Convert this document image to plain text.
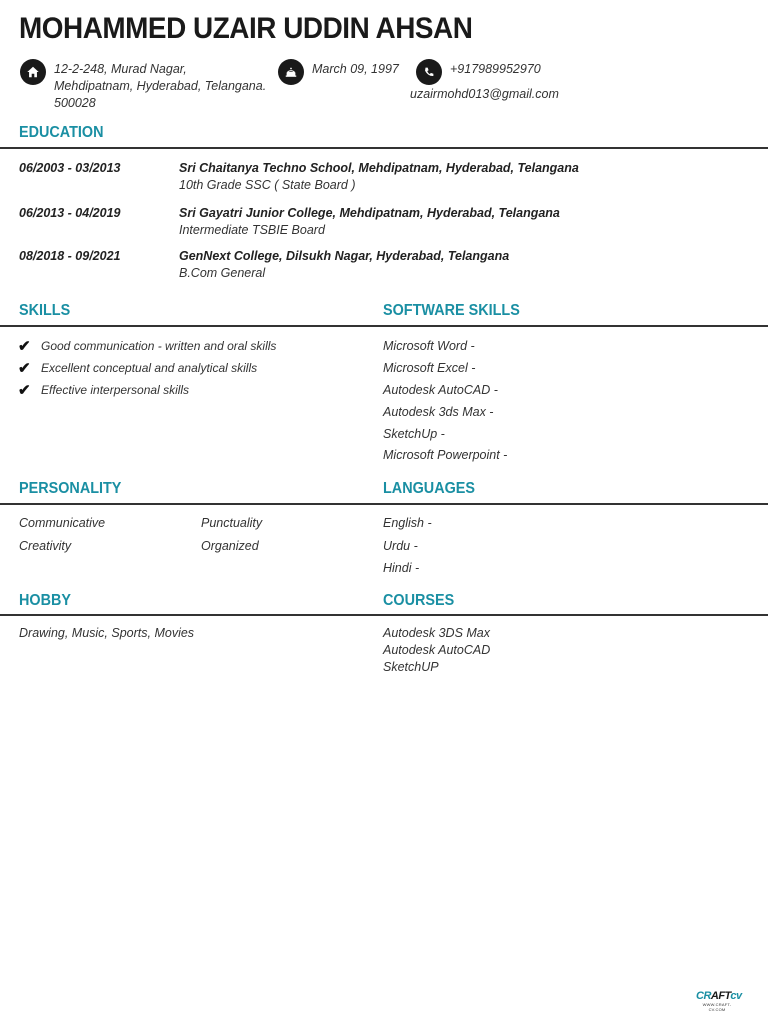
MOHAMMED UZAIR UDDIN AHSAN
12-2-248, Murad Nagar,
Mehdipatnam, Hyderabad, Telangana.
500028
March 09, 1997	+917989952970
uzairmohd013@gmail.com
EDUCATION
06/2003 - 03/2013	Sri Chaitanya Techno School, Mehdipatnam, Hyderabad, Telangana
10th Grade SSC ( State Board )
06/2013 - 04/2019	Sri Gayatri Junior College, Mehdipatnam, Hyderabad, Telangana
Intermediate TSBIE Board
08/2018 - 09/2021	GenNext College, Dilsukh Nagar, Hyderabad, Telangana
B.Com General
SKILLS	SOFTWARE SKILLS
✔ Good communication - written and oral skills
✔ Excellent conceptual and analytical skills
✔ Effective interpersonal skills
Microsoft Word -
Microsoft Excel -
Autodesk AutoCAD -
Autodesk 3ds Max -
SketchUp -
Microsoft Powerpoint -
PERSONALITY	LANGUAGES
Communicative	Punctuality
Creativity	Organized
English -
Urdu -
Hindi -
HOBBY	COURSES
Drawing, Music, Sports, Movies	Autodesk 3DS Max
Autodesk AutoCAD
SketchUP
CRAFTcv
WWW.CRAFT-CV.COM
